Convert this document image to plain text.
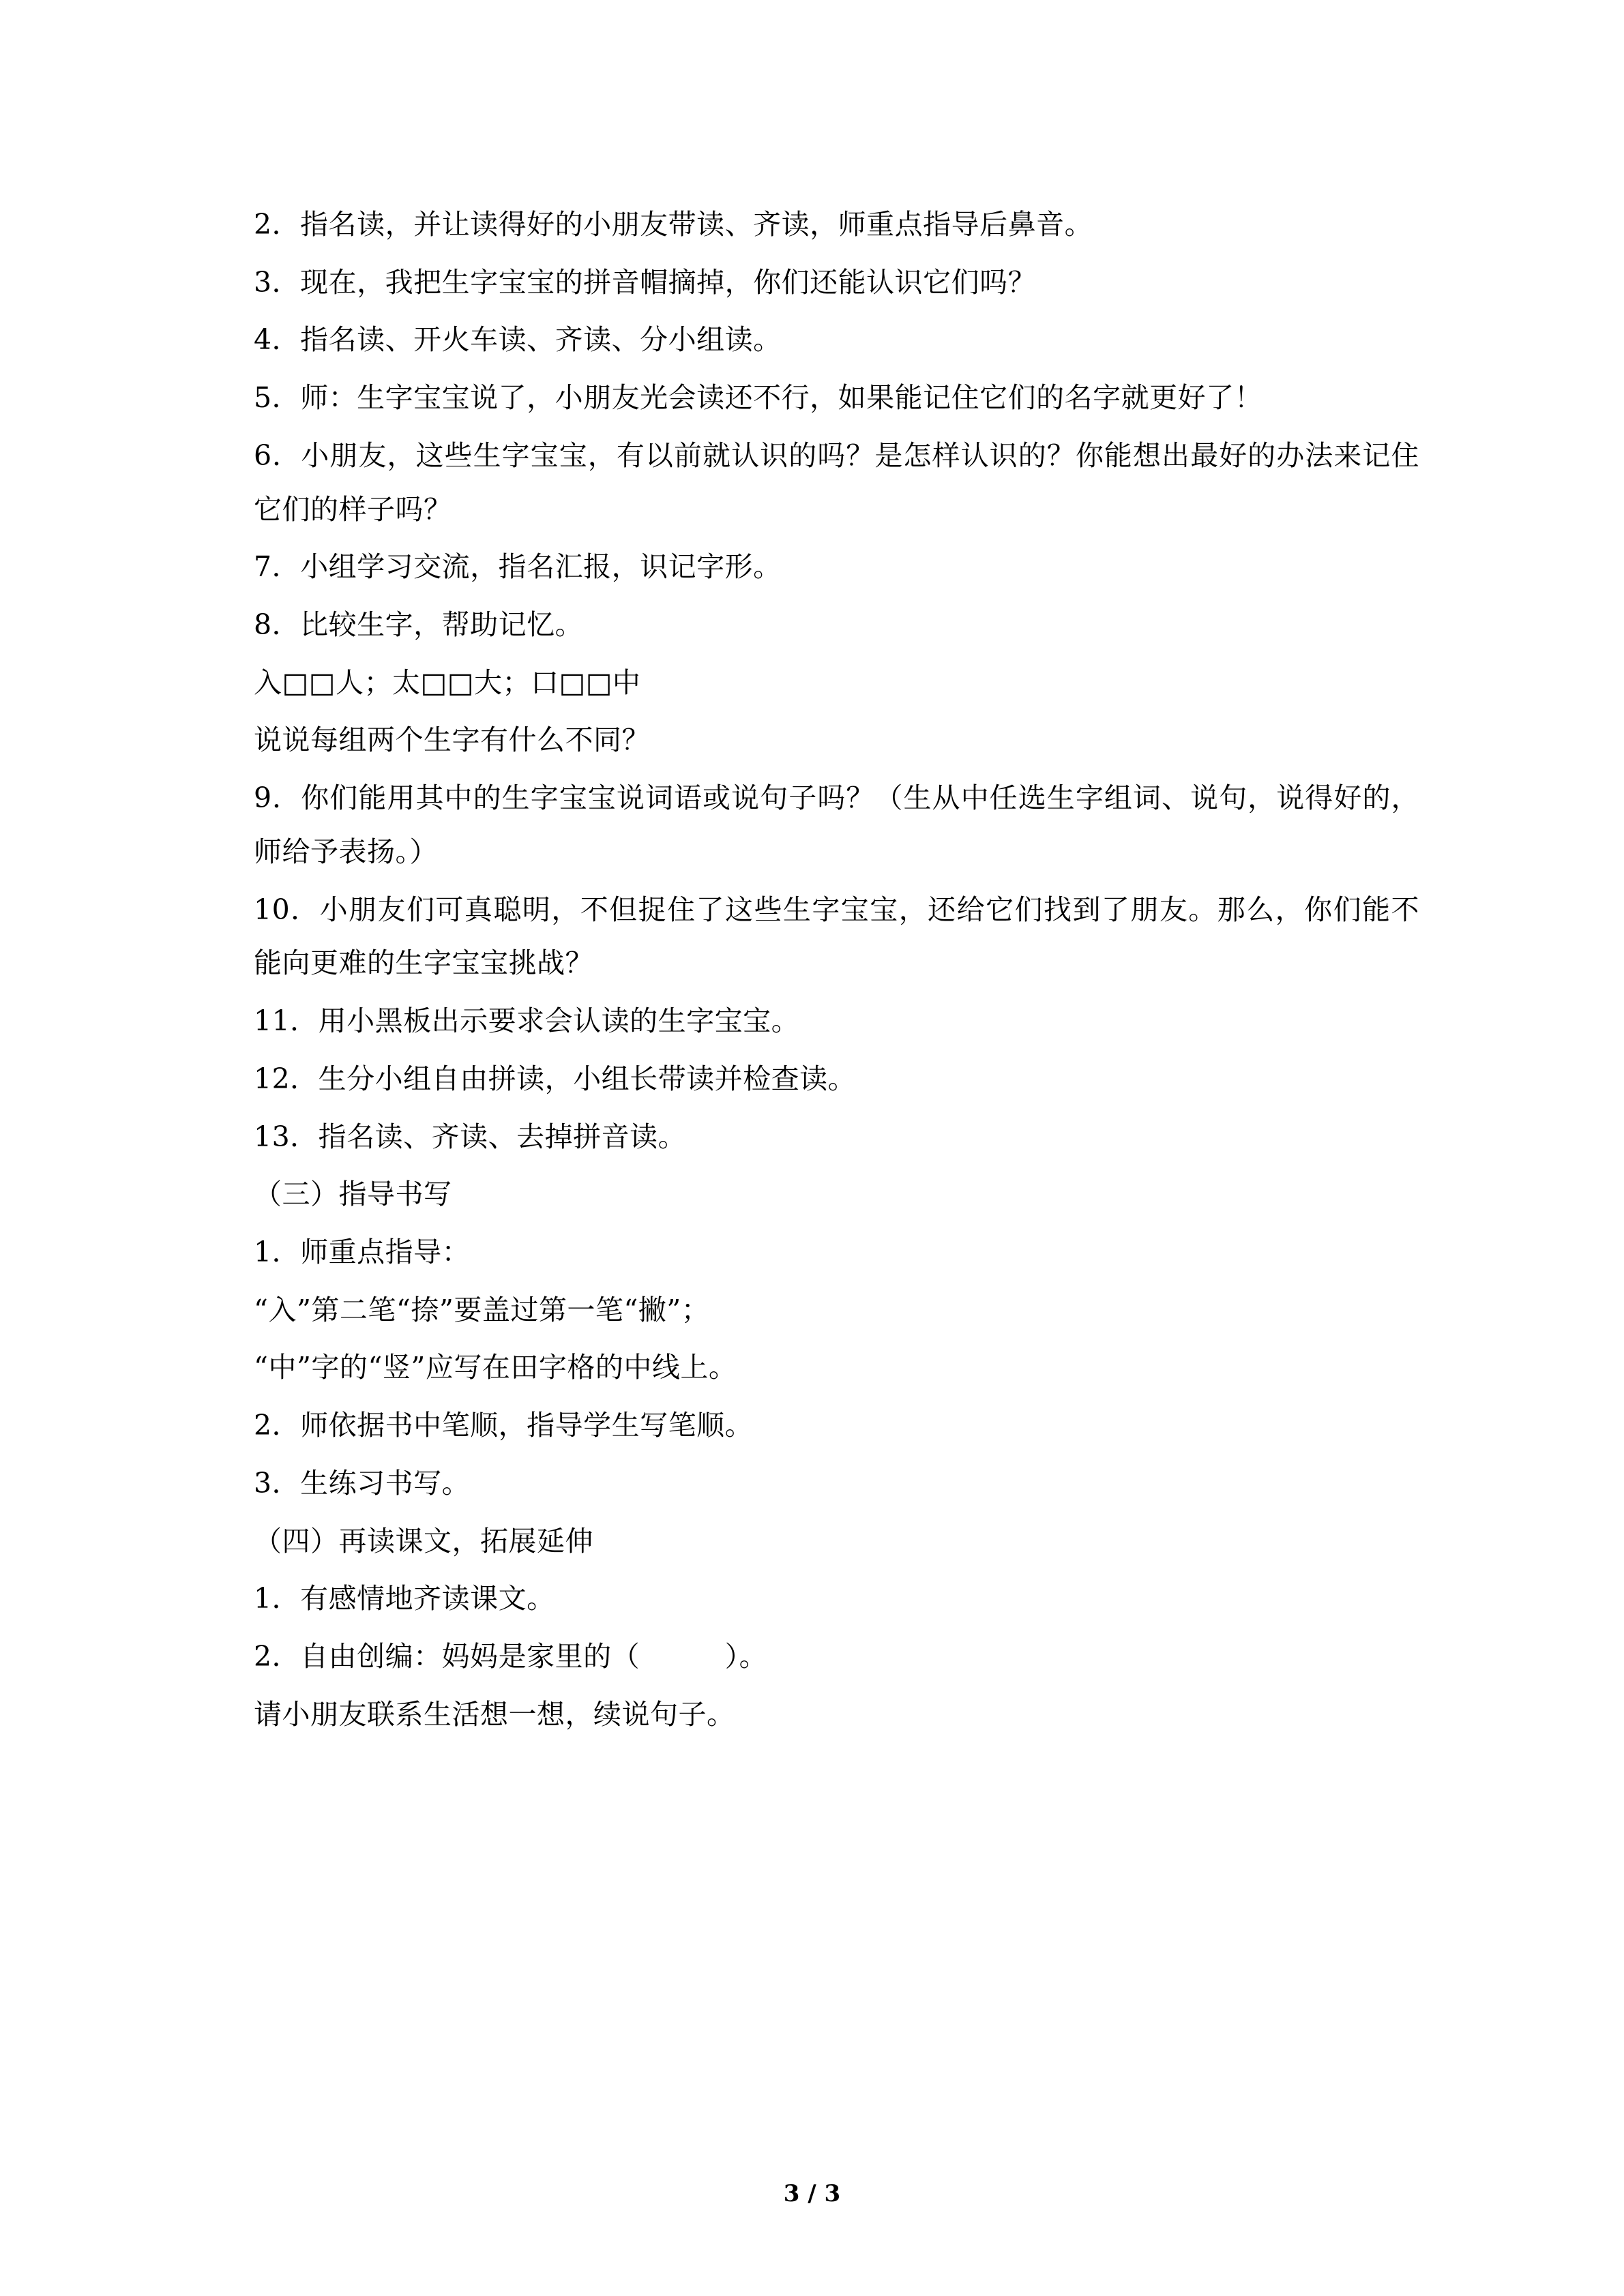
2．指名读，并让读得好的小朋友带读、齐读，师重点指导后鼻音。

3．现在，我把生字宝宝的拼音帽摘掉，你们还能认识它们吗？

4．指名读、开火车读、齐读、分小组读。

5．师：生字宝宝说了，小朋友光会读还不行，如果能记住它们的名字就更好了！

6．小朋友，这些生字宝宝，有以前就认识的吗？是怎样认识的？你能想出最好的办法来记住它们的样子吗？

7．小组学习交流，指名汇报，识记字形。

8．比较生字，帮助记忆。

入□□人；太□□大；口□□中

说说每组两个生字有什么不同？

9．你们能用其中的生字宝宝说词语或说句子吗？（生从中任选生字组词、说句，说得好的，师给予表扬。）

10．小朋友们可真聪明，不但捉住了这些生字宝宝，还给它们找到了朋友。那么，你们能不能向更难的生字宝宝挑战？

11．用小黑板出示要求会认读的生字宝宝。

12．生分小组自由拼读，小组长带读并检查读。

13．指名读、齐读、去掉拼音读。

（三）指导书写

1．师重点指导：

“入”第二笔“捺”要盖过第一笔“撇”；

“中”字的“竖”应写在田字格的中线上。

2．师依据书中笔顺，指导学生写笔顺。

3．生练习书写。

（四）再读课文，拓展延伸

1．有感情地齐读课文。

2．自由创编：妈妈是家里的（　　　）。

请小朋友联系生活想一想，续说句子。

3 / 3
